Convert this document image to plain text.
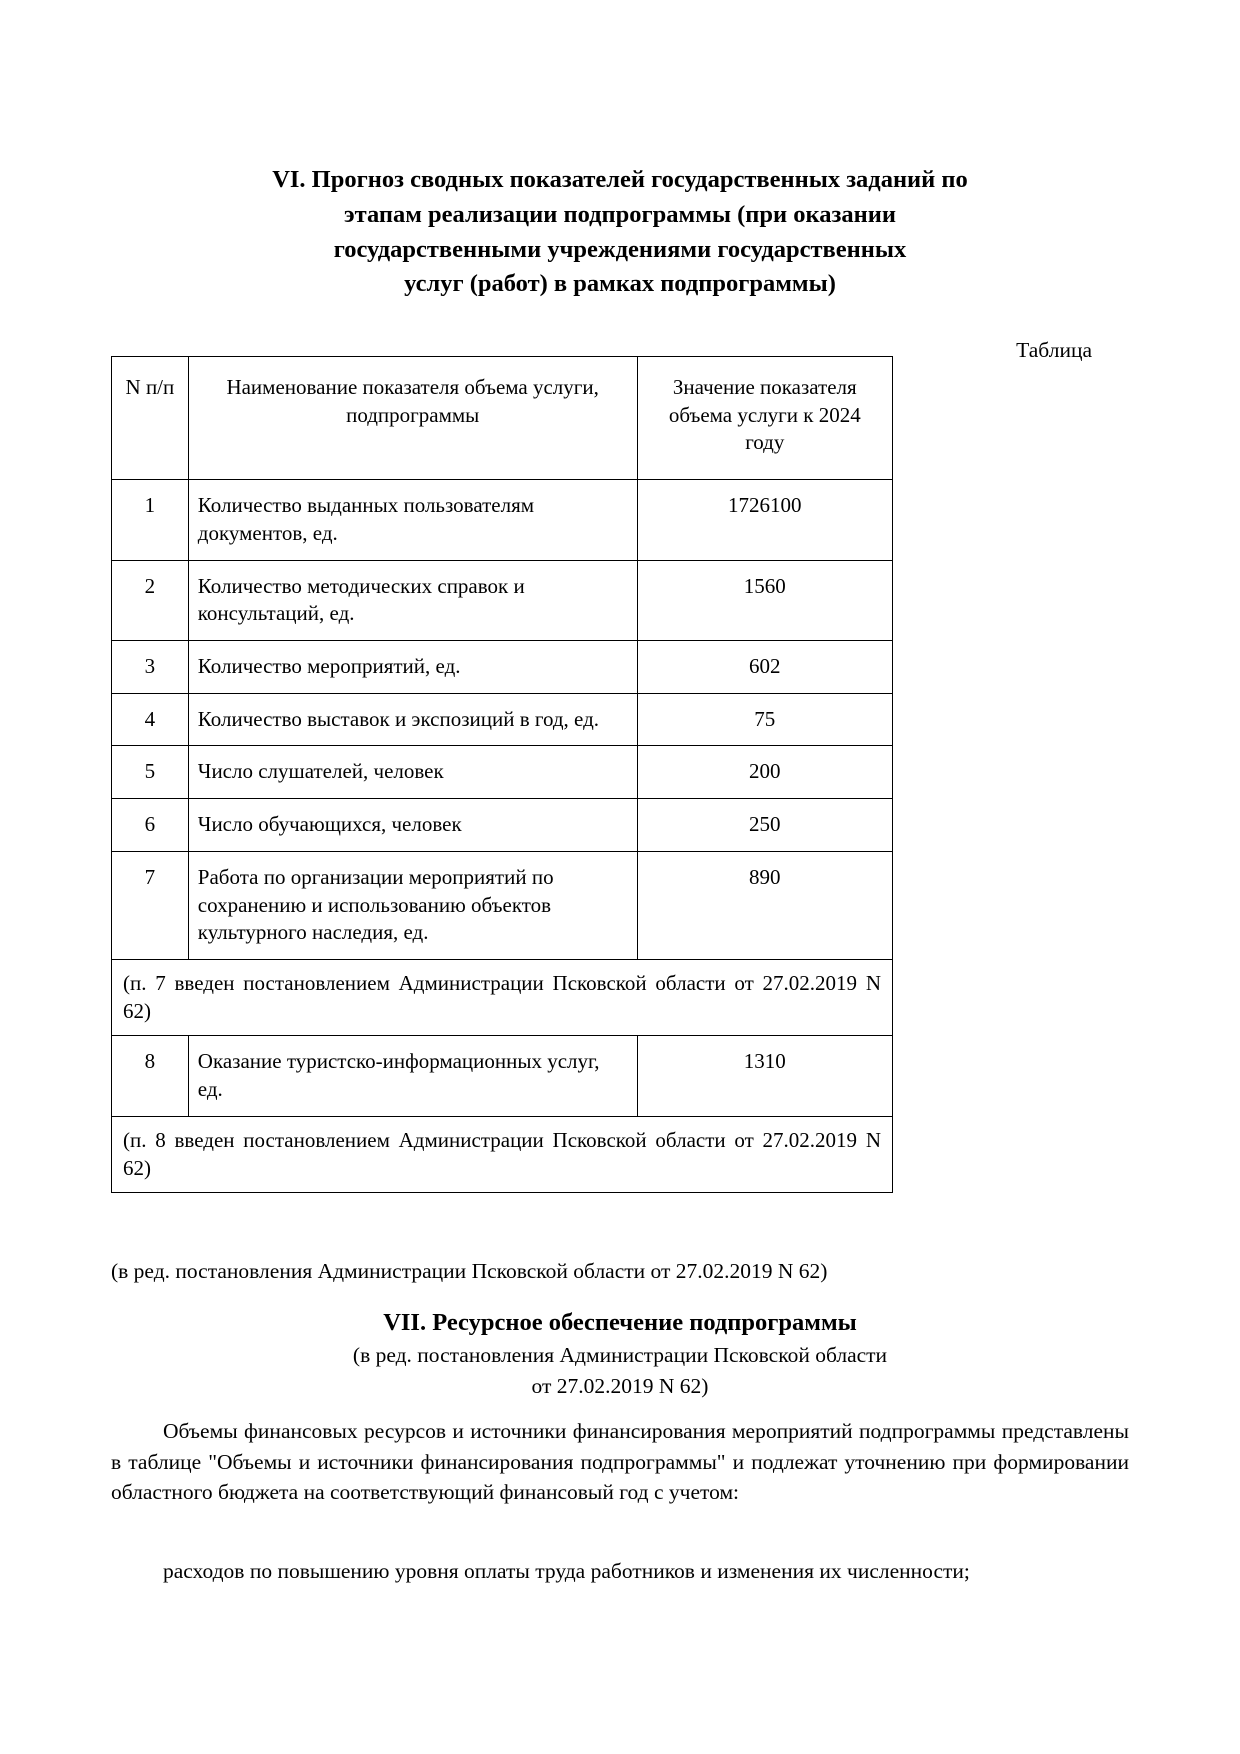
VI. Прогноз сводных показателей государственных заданий по
этапам реализации подпрограммы (при оказании
государственными учреждениями государственных
услуг (работ) в рамках подпрограммы)
Таблица
N п/п	Наименование показателя объема услуги, подпрограммы	Значение показателя объема услуги к 2024 году

1	Количество выданных пользователям документов, ед.	1726100

2	Количество методических справок и консультаций, ед.	1560

3	Количество мероприятий, ед.	602

4	Количество выставок и экспозиций в год, ед.	75

5	Число слушателей, человек	200

6	Число обучающихся, человек	250

7	Работа по организации мероприятий по сохранению и использованию объектов культурного наследия, ед.	890

(п. 7 введен постановлением Администрации Псковской области от 27.02.2019 N 62)		

8	Оказание туристско-информационных услуг, ед.	1310

(п. 8 введен постановлением Администрации Псковской области от 27.02.2019 N 62)		
(в ред. постановления Администрации Псковской области от 27.02.2019 N 62)
VII. Ресурсное обеспечение подпрограммы
(в ред. постановления Администрации Псковской области
от 27.02.2019 N 62)
Объемы финансовых ресурсов и источники финансирования мероприятий подпрограммы представлены в таблице "Объемы и источники финансирования подпрограммы" и подлежат уточнению при формировании областного бюджета на соответствующий финансовый год с учетом:
расходов по повышению уровня оплаты труда работников и изменения их численности;
